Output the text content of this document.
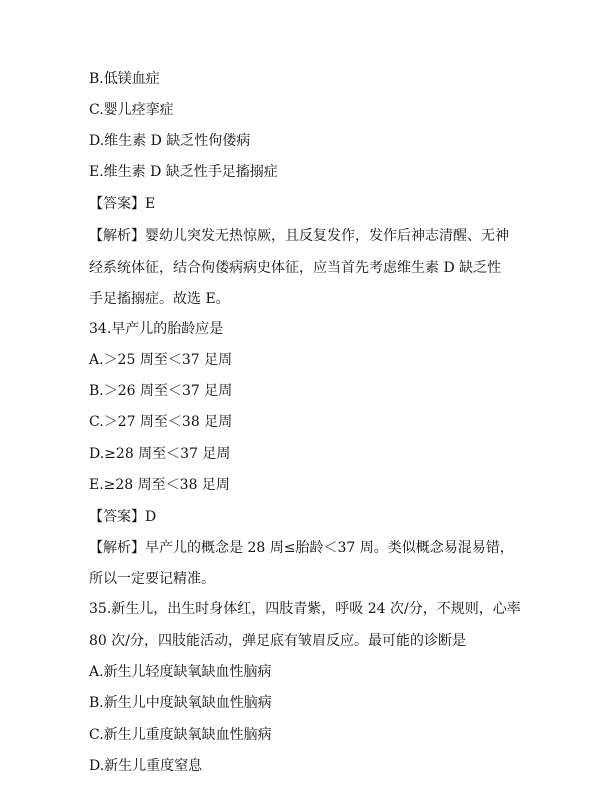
B.低镁血症
C.婴儿痉挛症
D.维生素 D 缺乏性佝偻病
E.维生素 D 缺乏性手足搐搦症
【答案】E
【解析】婴幼儿突发无热惊厥，且反复发作，发作后神志清醒、无神
经系统体征，结合佝偻病病史体征，应当首先考虑维生素 D 缺乏性
手足搐搦症。故选 E。
34.早产儿的胎龄应是
A.＞25 周至＜37 足周
B.＞26 周至＜37 足周
C.＞27 周至＜38 足周
D.≥28 周至＜37 足周
E.≥28 周至＜38 足周
【答案】D
【解析】早产儿的概念是 28 周≤胎龄＜37 周。类似概念易混易错，
所以一定要记精准。
35.新生儿，出生时身体红，四肢青紫，呼吸 24 次/分，不规则，心率
80 次/分，四肢能活动，弹足底有皱眉反应。最可能的诊断是
A.新生儿轻度缺氧缺血性脑病
B.新生儿中度缺氧缺血性脑病
C.新生儿重度缺氧缺血性脑病
D.新生儿重度窒息
